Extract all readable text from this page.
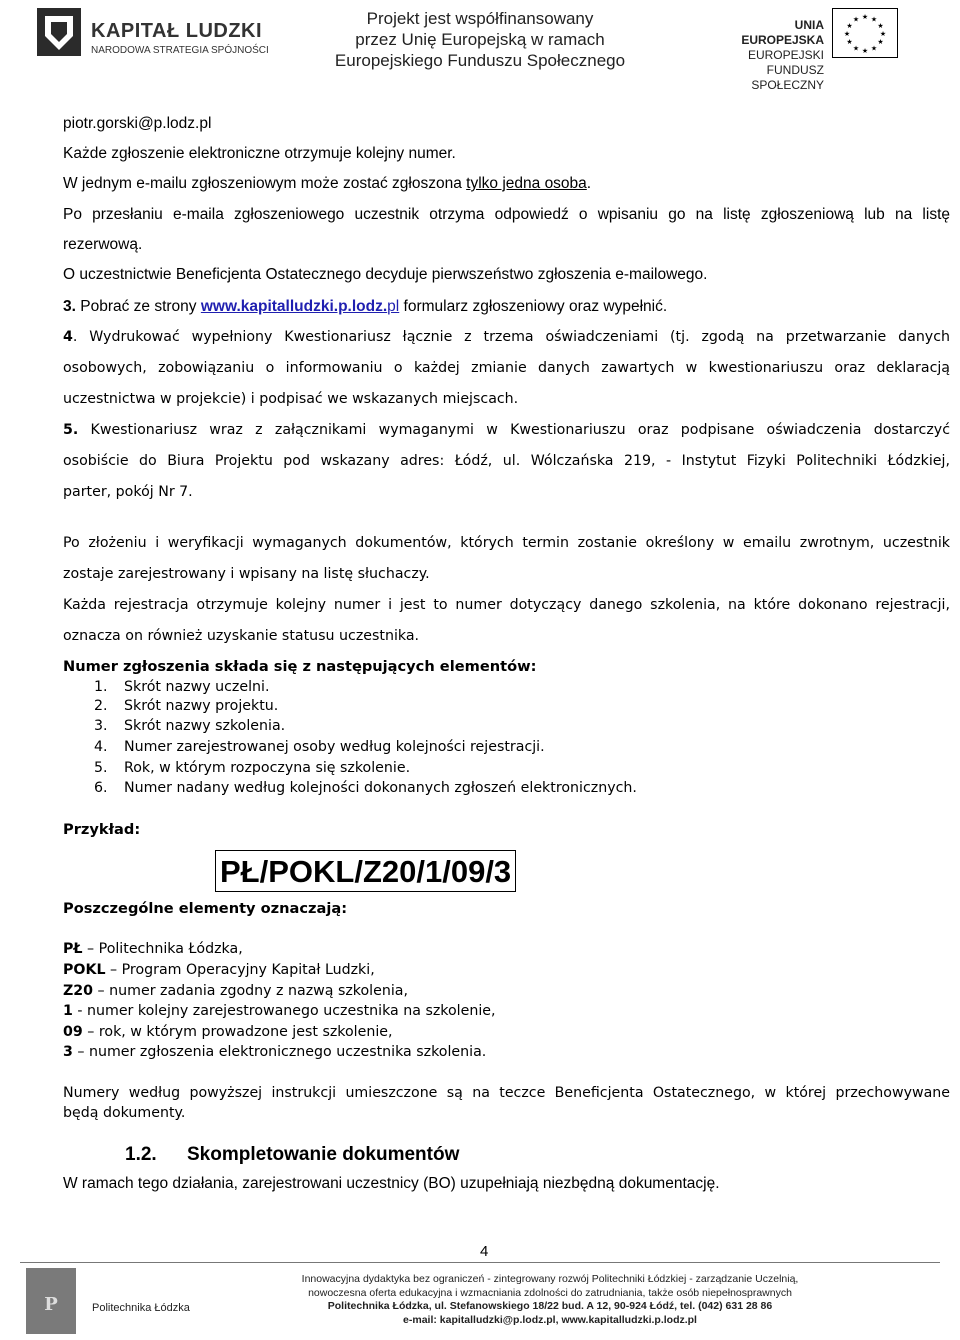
KAPITAŁ LUDZKI
NARODOWA STRATEGIA SPÓJNOŚCI
Projekt jest współfinansowany
przez Unię Europejską w ramach
Europejskiego Funduszu Społecznego
UNIA EUROPEJSKA
EUROPEJSKI
FUNDUSZ SPOŁECZNY
★ ★
★
★
★
★
★
★
★
★
★
★
piotr.gorski@p.lodz.pl
Każde zgłoszenie elektroniczne otrzymuje kolejny numer.
W jednym e-mailu zgłoszeniowym może zostać zgłoszona tylko jedna osoba.
Po przesłaniu e-maila zgłoszeniowego uczestnik otrzyma odpowiedź o wpisaniu go na listę zgłoszeniową lub na listę
rezerwową.
O uczestnictwie Beneficjenta Ostatecznego decyduje pierwszeństwo zgłoszenia e-mailowego.
3. Pobrać ze strony www.kapitalludzki.p.lodz.pl formularz zgłoszeniowy oraz wypełnić.
4. Wydrukować wypełniony Kwestionariusz łącznie z trzema oświadczeniami (tj. zgodą na przetwarzanie danych
osobowych, zobowiązaniu o informowaniu o każdej zmianie danych zawartych w kwestionariuszu oraz deklaracją
uczestnictwa w projekcie) i podpisać we wskazanych miejscach.
5. Kwestionariusz wraz z załącznikami wymaganymi w Kwestionariuszu oraz podpisane oświadczenia dostarczyć
osobiście do Biura Projektu pod wskazany adres: Łódź, ul. Wólczańska 219, - Instytut Fizyki Politechniki Łódzkiej,
parter, pokój Nr 7.
Po złożeniu i weryfikacji wymaganych dokumentów, których termin zostanie określony w emailu zwrotnym, uczestnik
zostaje zarejestrowany i wpisany na listę słuchaczy.
Każda rejestracja otrzymuje kolejny numer i jest to numer dotyczący danego szkolenia, na które dokonano rejestracji,
oznacza on również uzyskanie statusu uczestnika.
Numer zgłoszenia składa się z następujących elementów:
1. Skrót nazwy uczelni.
2. Skrót nazwy projektu.
3. Skrót nazwy szkolenia.
4. Numer zarejestrowanej osoby według kolejności rejestracji.
5. Rok, w którym rozpoczyna się szkolenie.
6. Numer nadany według kolejności dokonanych zgłoszeń elektronicznych.
Przykład:
PŁ/POKL/Z20/1/09/3
Poszczególne elementy oznaczają:
PŁ – Politechnika Łódzka,
POKL – Program Operacyjny Kapitał Ludzki,
Z20 – numer zadania zgodny z nazwą szkolenia,
1 - numer kolejny zarejestrowanego uczestnika na szkolenie,
09 – rok, w którym prowadzone jest szkolenie,
3 – numer zgłoszenia elektronicznego uczestnika szkolenia.
Numery według powyższej instrukcji umieszczone są na teczce Beneficjenta Ostatecznego, w której przechowywane
będą dokumenty.
1.2. Skompletowanie dokumentów
W ramach tego działania, zarejestrowani uczestnicy (BO) uzupełniają niezbędną dokumentację.
4
P	Politechnika Łódzka
Innowacyjna dydaktyka bez ograniczeń - zintegrowany rozwój Politechniki Łódzkiej - zarządzanie Uczelnią,
nowoczesna oferta edukacyjna i wzmacniania zdolności do zatrudniania, także osób niepełnosprawnych
Politechnika Łódzka, ul. Stefanowskiego 18/22 bud. A 12, 90-924 Łódź, tel. (042) 631 28 86
e-mail: kapitalludzki@p.lodz.pl, www.kapitalludzki.p.lodz.pl
